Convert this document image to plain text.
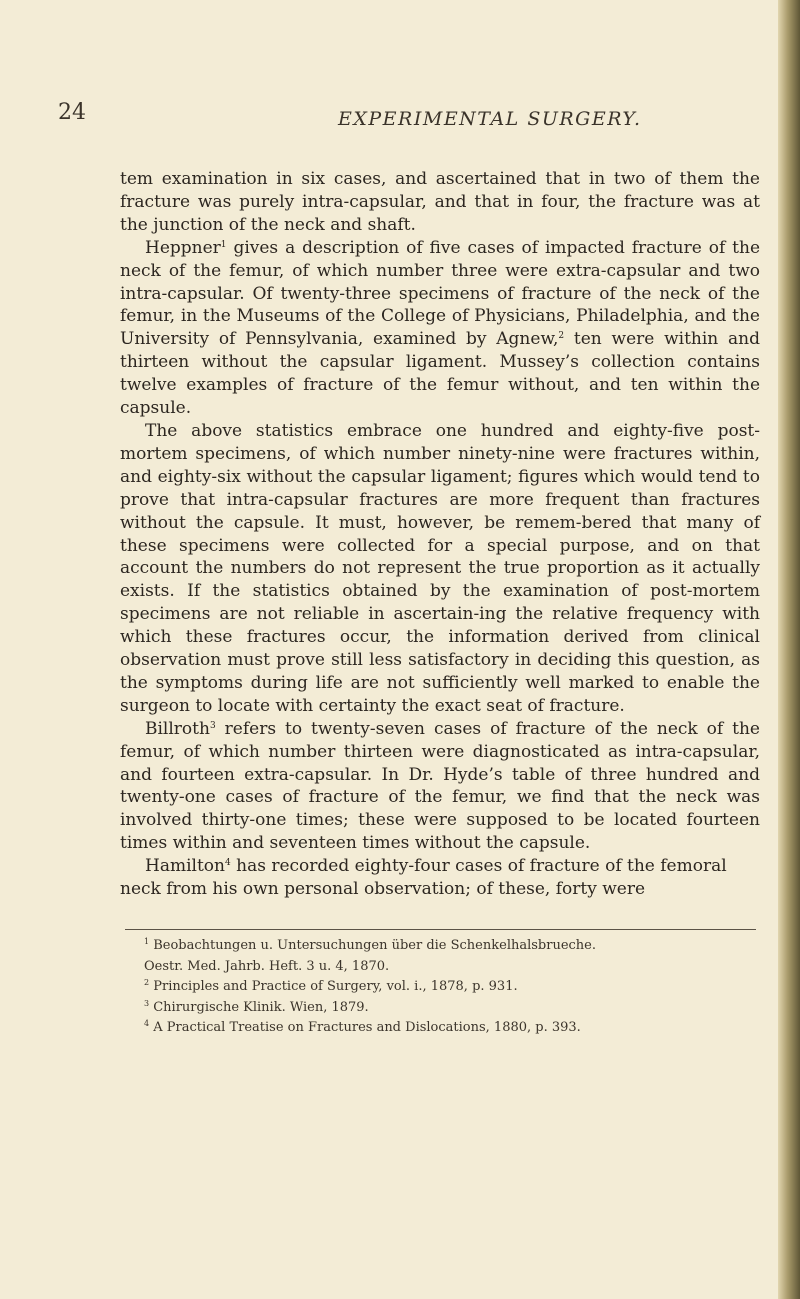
24	EXPERIMENTAL SURGERY.

tem examination in six cases, and ascertained that in two of them the fracture was purely intra-capsular, and that in four, the fracture was at the junction of the neck and shaft.

Heppner$^1$ gives a description of five cases of impacted fracture of the neck of the femur, of which number three were extra-capsular and two intra-capsular. Of twenty-three specimens of fracture of the neck of the femur, in the Museums of the College of Physicians, Philadelphia, and the University of Pennsylvania, examined by Agnew,$^2$ ten were within and thirteen without the capsular ligament. Mussey’s collection contains twelve examples of fracture of the femur without, and ten within the capsule.

The above statistics embrace one hundred and eighty-five post-mortem specimens, of which number ninety-nine were fractures within, and eighty-six without the capsular ligament; figures which would tend to prove that intra-capsular fractures are more frequent than fractures without the capsule. It must, however, be remem-bered that many of these specimens were collected for a special purpose, and on that account the numbers do not represent the true proportion as it actually exists. If the statistics obtained by the examination of post-mortem specimens are not reliable in ascertain-ing the relative frequency with which these fractures occur, the information derived from clinical observation must prove still less satisfactory in deciding this question, as the symptoms during life are not sufficiently well marked to enable the surgeon to locate with certainty the exact seat of fracture.

Billroth$^3$ refers to twenty-seven cases of fracture of the neck of the femur, of which number thirteen were diagnosticated as intra-capsular, and fourteen extra-capsular. In Dr. Hyde’s table of three hundred and twenty-one cases of fracture of the femur, we find that the neck was involved thirty-one times; these were supposed to be located fourteen times within and seventeen times without the capsule.

Hamilton$^4$ has recorded eighty-four cases of fracture of the femoral neck from his own personal observation; of these, forty were

$^1$ Beobachtungen u. Untersuchungen über die Schenkelhalsbrueche.
Oestr. Med. Jahrb. Heft. 3 u. 4, 1870.
$^2$ Principles and Practice of Surgery, vol. i., 1878, p. 931.
$^3$ Chirurgische Klinik. Wien, 1879.
$^4$ A Practical Treatise on Fractures and Dislocations, 1880, p. 393.
